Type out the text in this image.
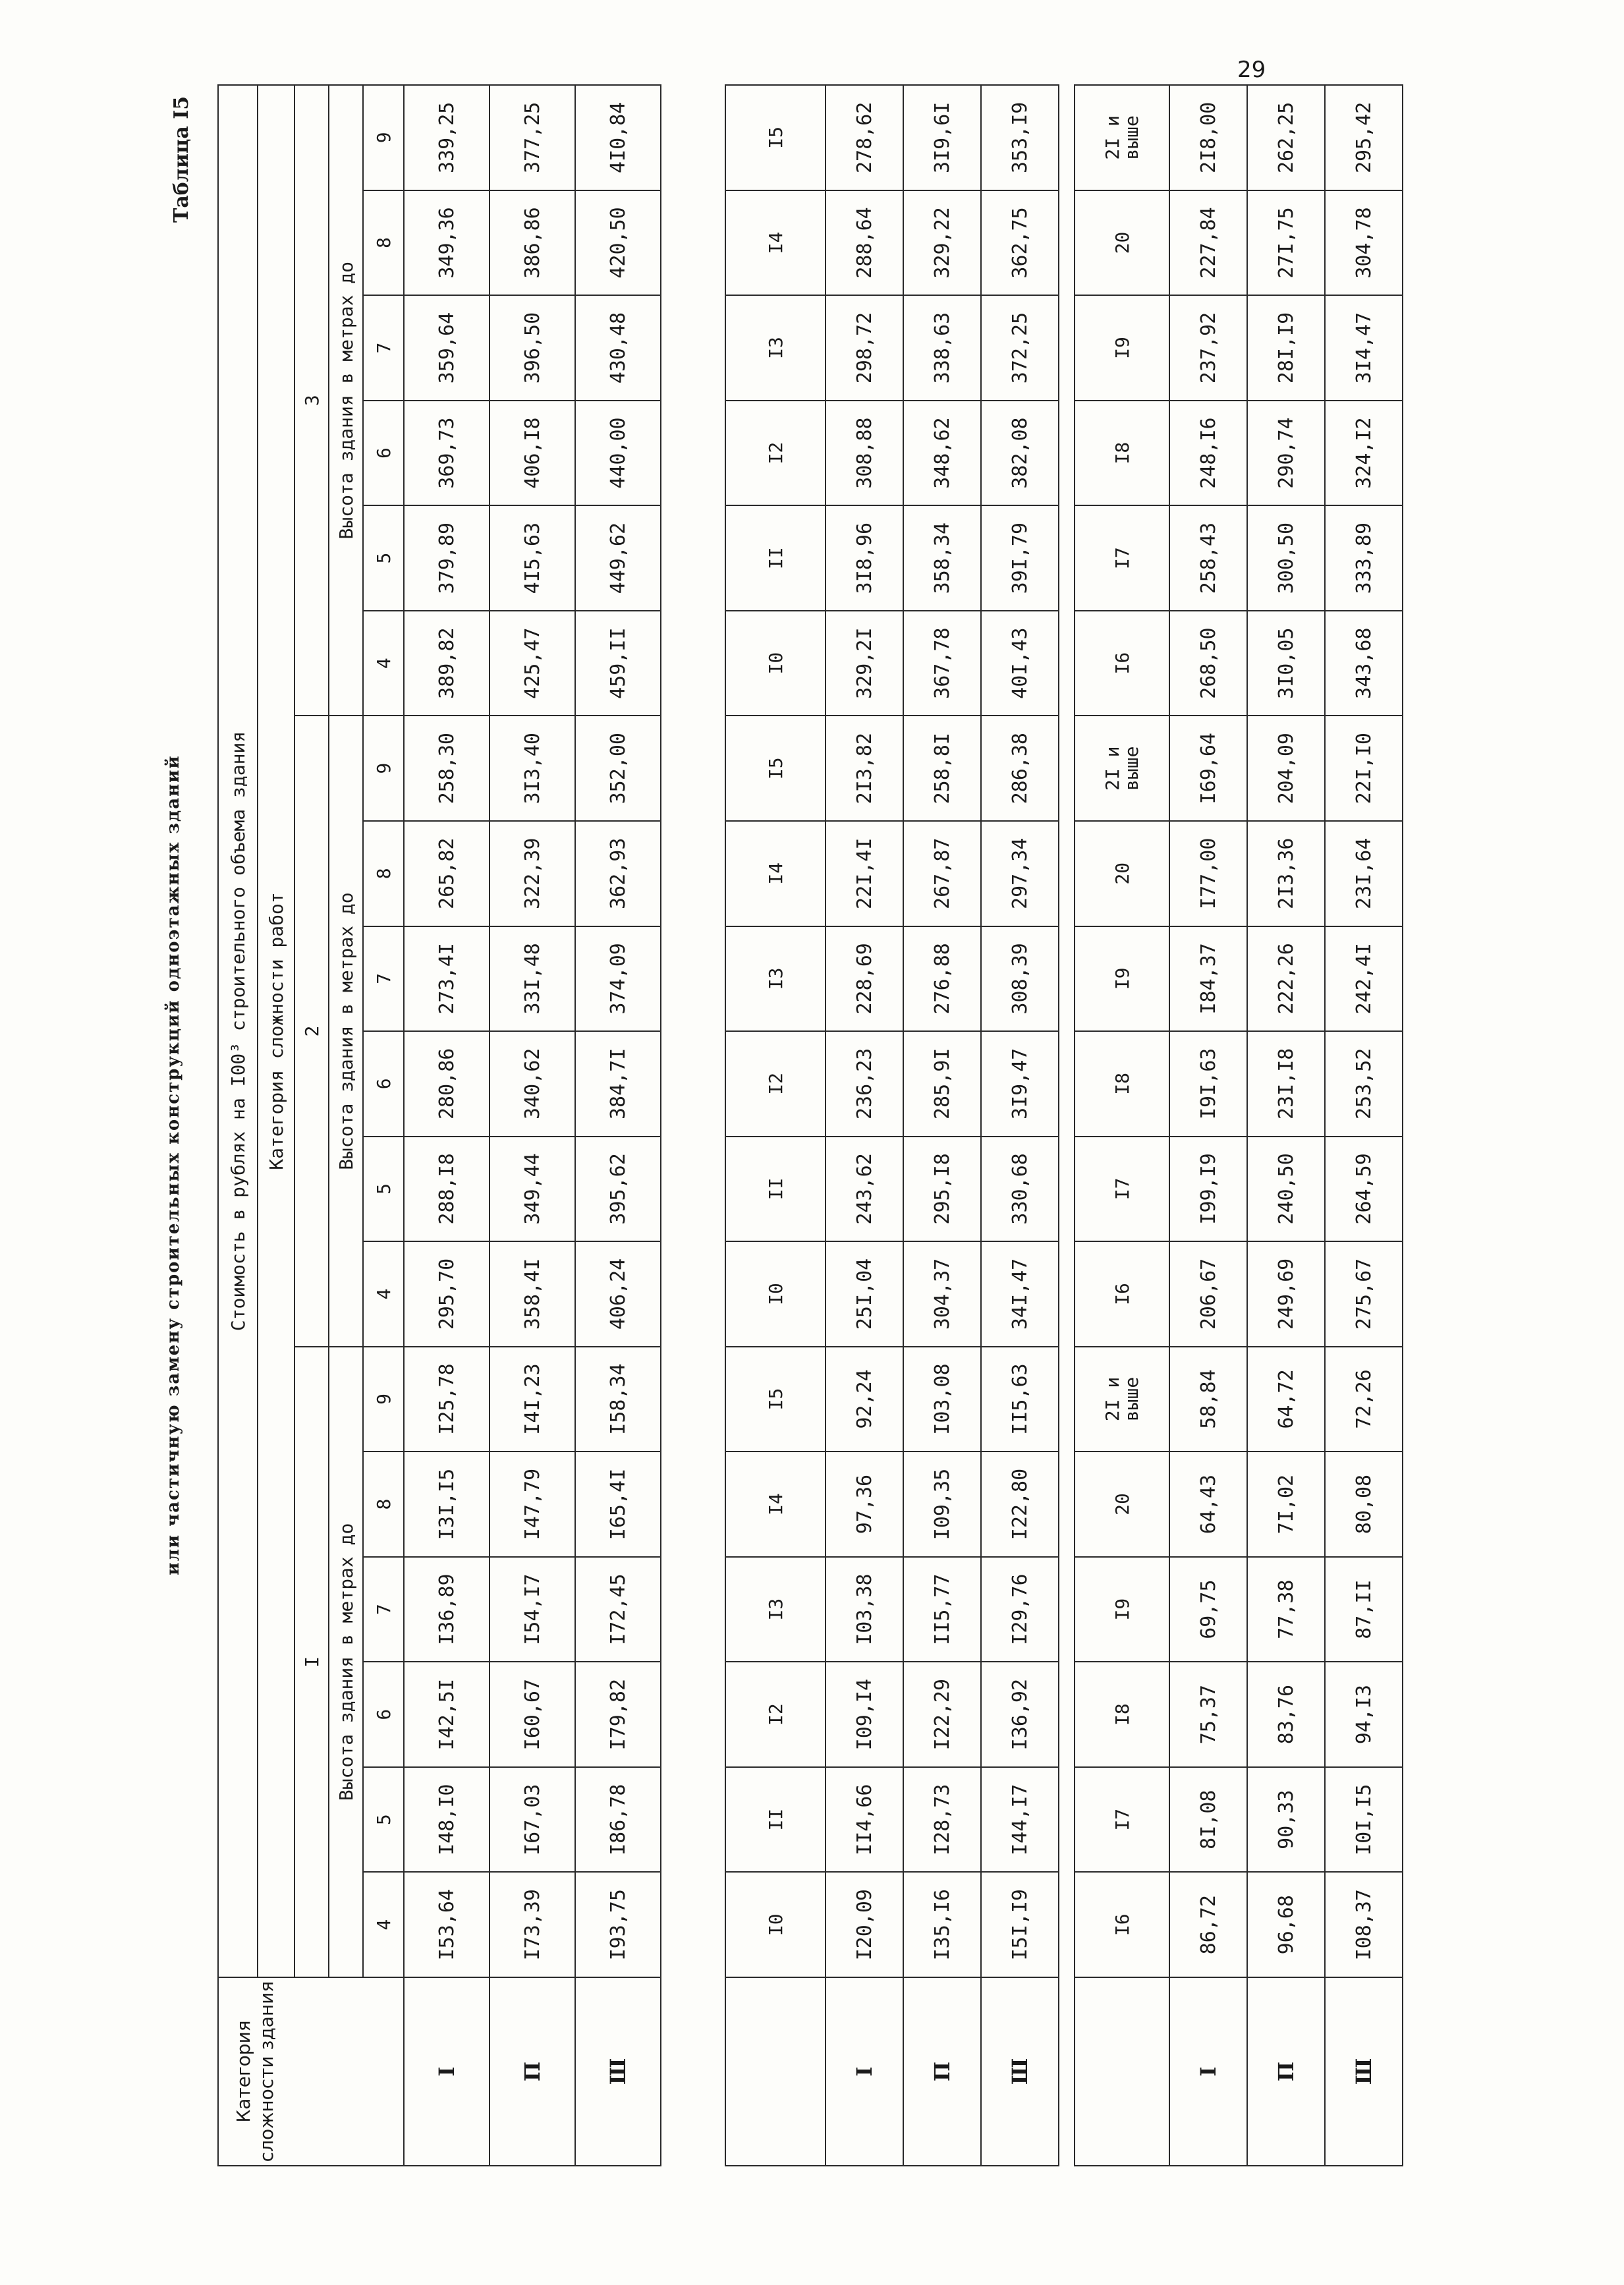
29
Таблица I5
или частичную замену строительных конструкций одноэтажных зданий
Категория сложности здания	Стоимость в рублях на I00³ строительного объема здания																	
	Категория сложности работ																	
	I						2						3					
	Высота здания в метрах до						Высота здания в метрах до						Высота здания в метрах до					
	4	5	6	7	8	9	4	5	6	7	8	9	4	5	6	7	8	9
I	I53,64	I48,I0	I42,5I	I36,89	I3I,I5	I25,78	295,70	288,I8	280,86	273,4I	265,82	258,30	389,82	379,89	369,73	359,64	349,36	339,25
П	I73,39	I67,03	I60,67	I54,I7	I47,79	I4I,23	358,4I	349,44	340,62	33I,48	322,39	3I3,40	425,47	4I5,63	406,I8	396,50	386,86	377,25
Ш	I93,75	I86,78	I79,82	I72,45	I65,4I	I58,34	406,24	395,62	384,7I	374,09	362,93	352,00	459,II	449,62	440,00	430,48	420,50	4I0,84
	I0	II	I2	I3	I4	I5	I0	II	I2	I3	I4	I5	I0	II	I2	I3	I4	I5
I	I20,09	II4,66	I09,I4	I03,38	97,36	92,24	25I,04	243,62	236,23	228,69	22I,4I	2I3,82	329,2I	3I8,96	308,88	298,72	288,64	278,62
П	I35,I6	I28,73	I22,29	II5,77	I09,35	I03,08	304,37	295,I8	285,9I	276,88	267,87	258,8I	367,78	358,34	348,62	338,63	329,22	3I9,6I
Ш	I5I,I9	I44,I7	I36,92	I29,76	I22,80	II5,63	34I,47	330,68	3I9,47	308,39	297,34	286,38	40I,43	39I,79	382,08	372,25	362,75	353,I9
	I6	I7	I8	I9	20	2I и выше	I6	I7	I8	I9	20	2I и выше	I6	I7	I8	I9	20	2I и выше
I	86,72	8I,08	75,37	69,75	64,43	58,84	206,67	I99,I9	I9I,63	I84,37	I77,00	I69,64	268,50	258,43	248,I6	237,92	227,84	2I8,00
П	96,68	90,33	83,76	77,38	7I,02	64,72	249,69	240,50	23I,I8	222,26	2I3,36	204,09	3I0,05	300,50	290,74	28I,I9	27I,75	262,25
Ш	I08,37	I0I,I5	94,I3	87,II	80,08	72,26	275,67	264,59	253,52	242,4I	23I,64	22I,I0	343,68	333,89	324,I2	3I4,47	304,78	295,42
